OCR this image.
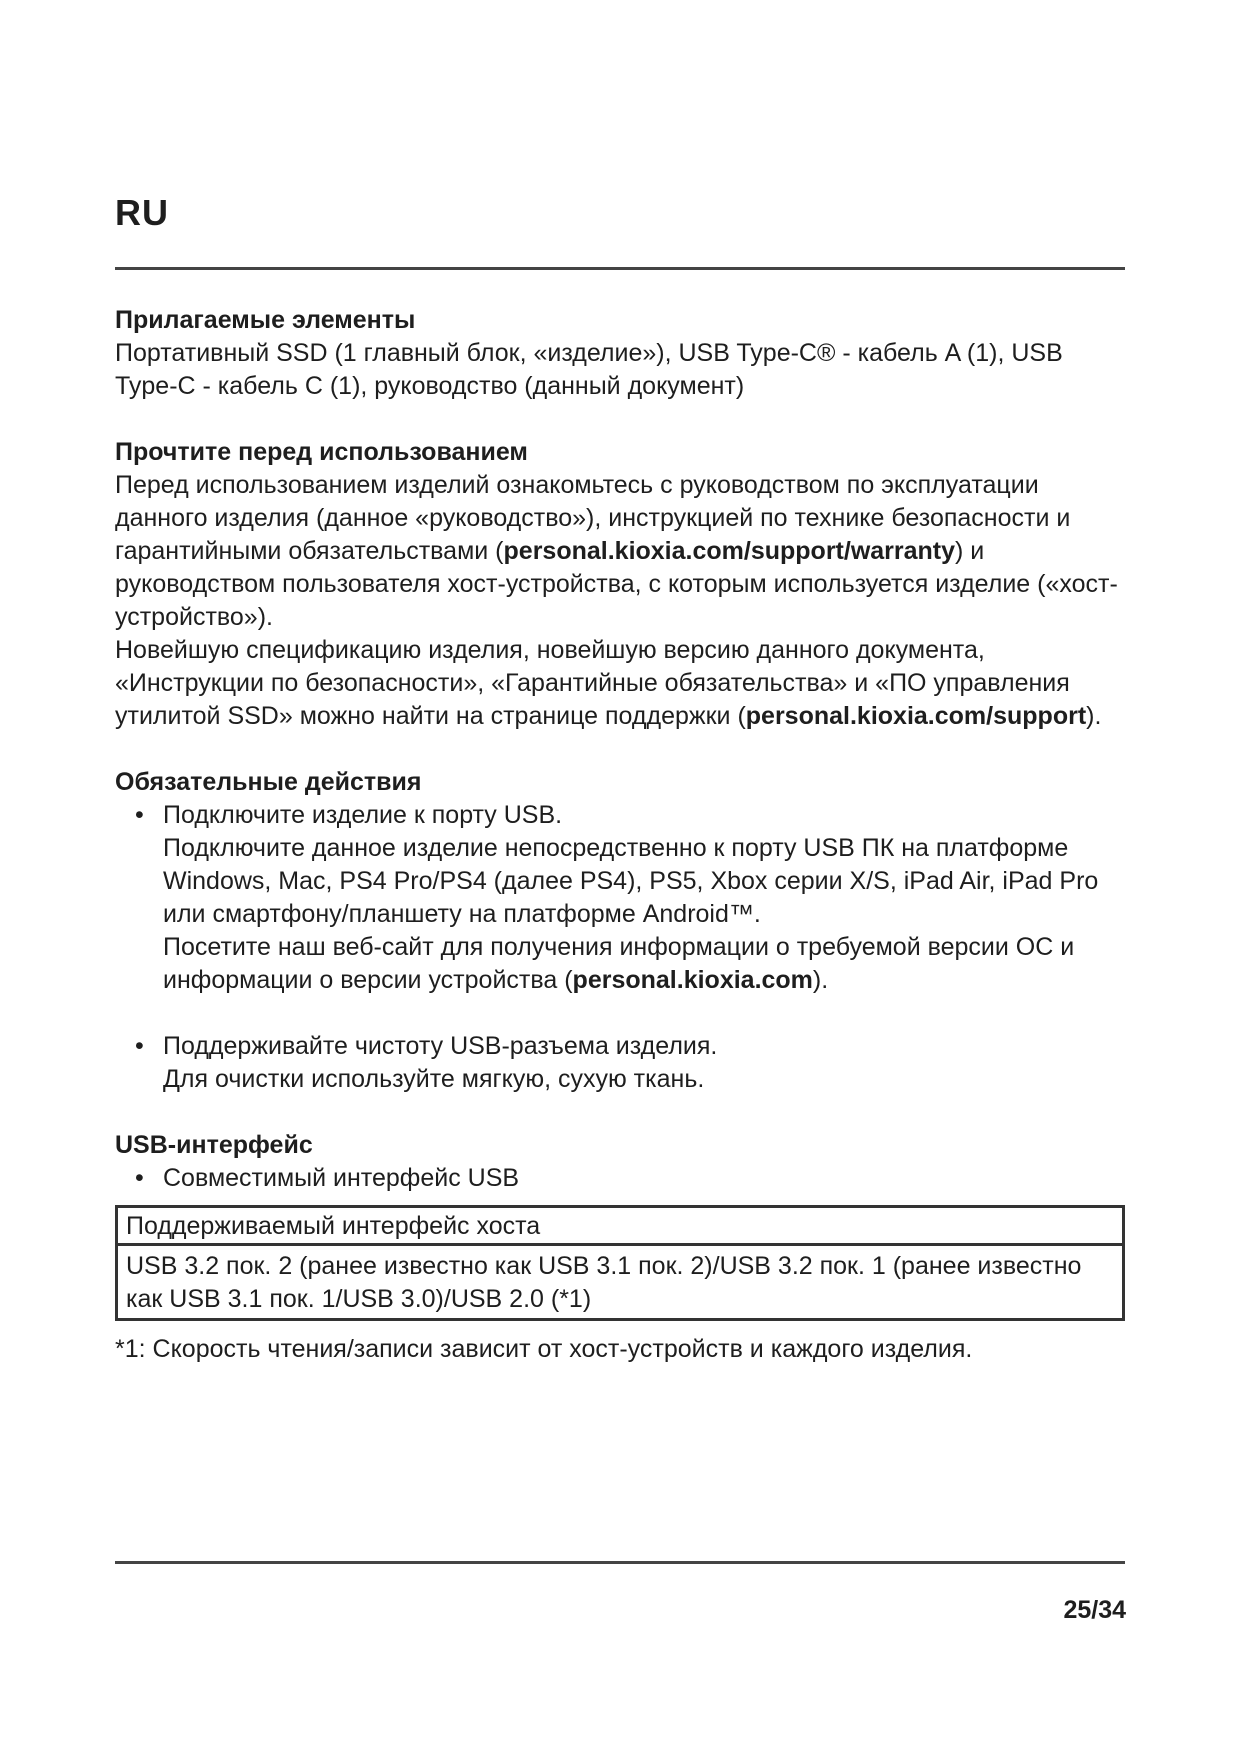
RU

Прилагаемые элементы

Портативный SSD (1 главный блок, «изделие»), USB Type-C® - кабель A (1), USB Type-C - кабель C (1), руководство (данный документ)

Прочтите перед использованием

Перед использованием изделий ознакомьтесь с руководством по эксплуатации данного изделия (данное «руководство»), инструкцией по технике безопасности и гарантийными обязательствами (personal.kioxia.com/support/warranty) и руководством пользователя хост-устройства, с которым используется изделие («хост-устройство»).

Новейшую спецификацию изделия, новейшую версию данного документа, «Инструкции по безопасности», «Гарантийные обязательства» и «ПО управления утилитой SSD» можно найти на странице поддержки (personal.kioxia.com/support).

Обязательные действия

• Подключите изделие к порту USB.
Подключите данное изделие непосредственно к порту USB ПК на платформе Windows, Mac, PS4 Pro/PS4 (далее PS4), PS5, Xbox серии X/S, iPad Air, iPad Pro или смартфону/планшету на платформе Android™.
Посетите наш веб-сайт для получения информации о требуемой версии ОС и информации о версии устройства (personal.kioxia.com).
• Поддерживайте чистоту USB-разъема изделия.
Для очистки используйте мягкую, сухую ткань.

USB-интерфейс

• Совместимый интерфейс USB
Поддерживаемый интерфейс хоста
USB 3.2 пок. 2 (ранее известно как USB 3.1 пок. 2)/USB 3.2 пок. 1 (ранее известно как USB 3.1 пок. 1/USB 3.0)/USB 2.0 (*1)

*1: Скорость чтения/записи зависит от хост-устройств и каждого изделия.

25/34
